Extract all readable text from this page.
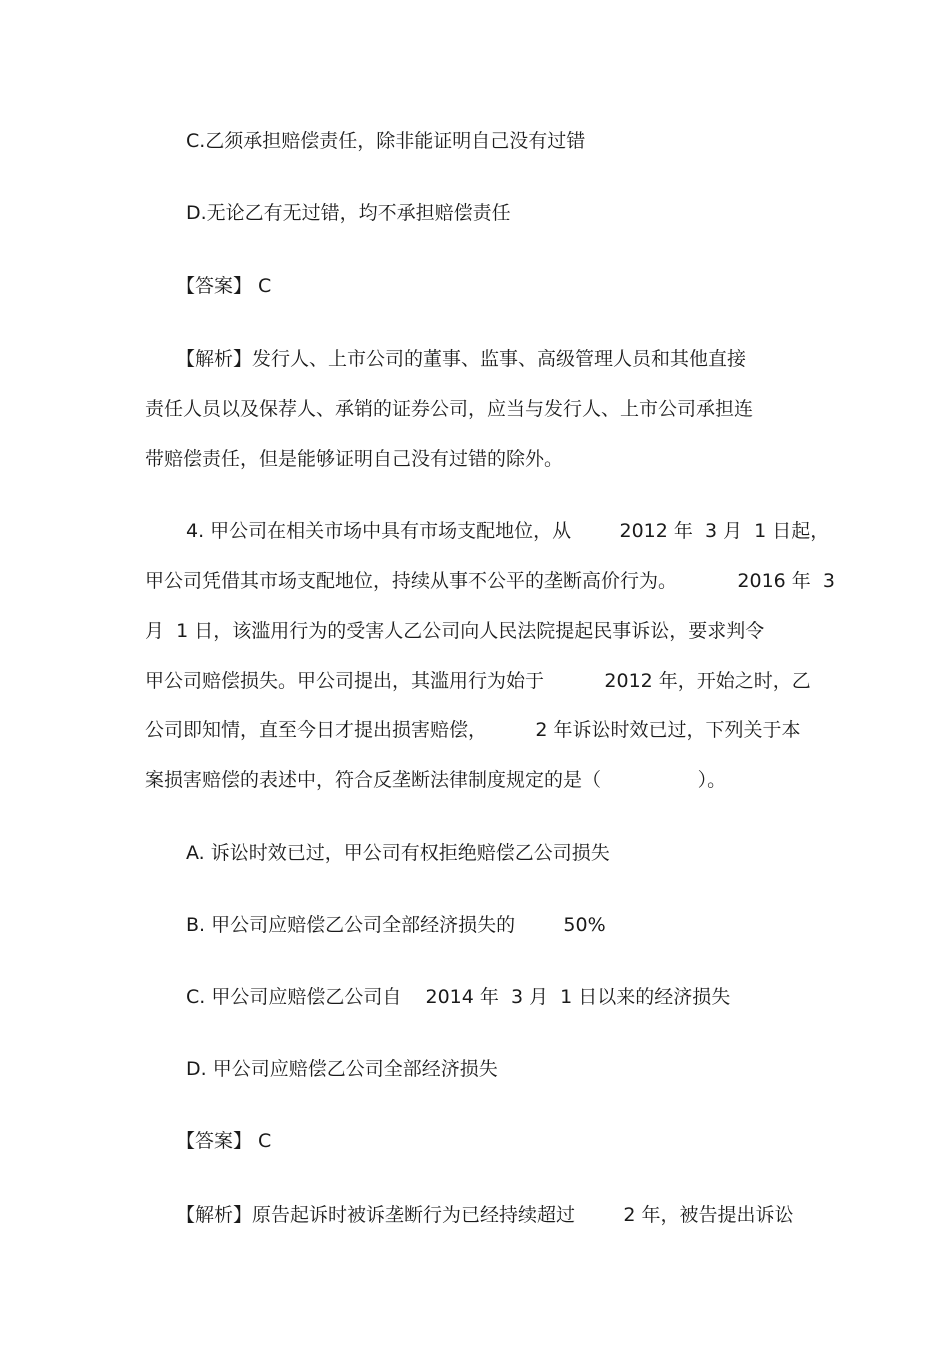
C.乙须承担赔偿责任，除非能证明自己没有过错

D.无论乙有无过错，均不承担赔偿责任

【答案】 C

【解析】发行人、上市公司的董事、监事、高级管理人员和其他直接

责任人员以及保荐人、承销的证券公司，应当与发行人、上市公司承担连

带赔偿责任，但是能够证明自己没有过错的除外。

4. 甲公司在相关市场中具有市场支配地位，从        2012 年  3 月  1 日起，

甲公司凭借其市场支配地位，持续从事不公平的垄断高价行为。          2016 年  3

月  1 日，该滥用行为的受害人乙公司向人民法院提起民事诉讼，要求判令

甲公司赔偿损失。甲公司提出，其滥用行为始于          2012 年，开始之时，乙

公司即知情，直至今日才提出损害赔偿，        2 年诉讼时效已过，下列关于本

案损害赔偿的表述中，符合反垄断法律制度规定的是（                ）。

A. 诉讼时效已过，甲公司有权拒绝赔偿乙公司损失

B. 甲公司应赔偿乙公司全部经济损失的        50%

C. 甲公司应赔偿乙公司自    2014 年  3 月  1 日以来的经济损失

D. 甲公司应赔偿乙公司全部经济损失

【答案】 C

【解析】原告起诉时被诉垄断行为已经持续超过        2 年，被告提出诉讼
